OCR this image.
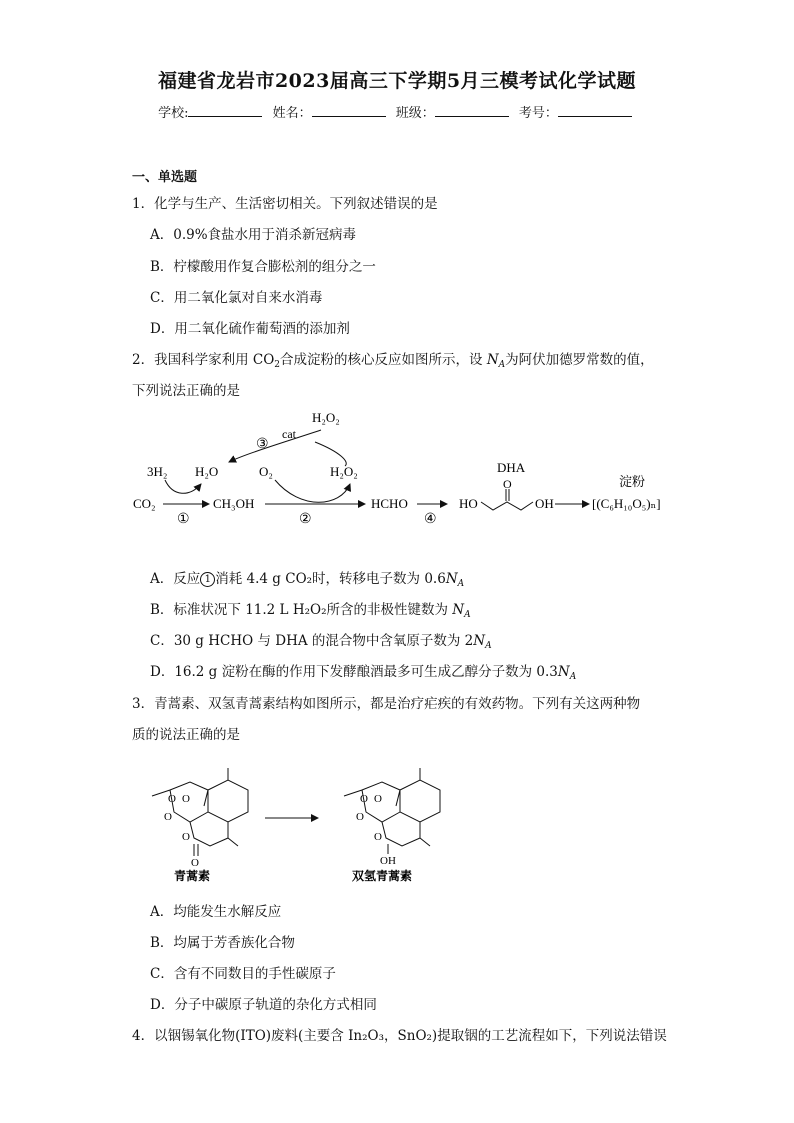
福建省龙岩市2023届高三下学期5月三模考试化学试题
学校:	姓名：	班级：	考号：
一、单选题
1．化学与生产、生活密切相关。下列叙述错误的是
A．0.9%食盐水用于消杀新冠病毒
B．柠檬酸用作复合膨松剂的组分之一
C．用二氧化氯对自来水消毒
D．用二氧化硫作葡萄酒的添加剂
2．我国科学家利用 $CO_2$合成淀粉的核心反应如图所示，设 $N_A$为阿伏加德罗常数的值，
下列说法正确的是
H₂O₂
cat
③
3H₂ H₂O	O₂	H₂O₂
CO₂
①
CH₃OH
②
HCHO
④
DHA
HO
O
OH
淀粉
[(C₆H₁₀O₅)ₙ]
A．反应 1 消耗 4.4 g CO₂时，转移电子数为 $0.6N_A$
B．标准状况下 11.2 L H₂O₂所含的非极性键数为 $N_A$
C．30 g HCHO 与 DHA 的混合物中含氧原子数为 $2N_A$
D．16.2 g 淀粉在酶的作用下发酵酿酒最多可生成乙醇分子数为 $0.3N_A$
3．青蒿素、双氢青蒿素结构如图所示，都是治疗疟疾的有效药物。下列有关这两种物
质的说法正确的是
O O
O
O
O
青蒿素
O O
O
O
OH
双氢青蒿素
A．均能发生水解反应
B．均属于芳香族化合物
C．含有不同数目的手性碳原子
D．分子中碳原子轨道的杂化方式相同
4．以铟锡氧化物(ITO)废料(主要含 In₂O₃，SnO₂)提取铟的工艺流程如下，下列说法错误
